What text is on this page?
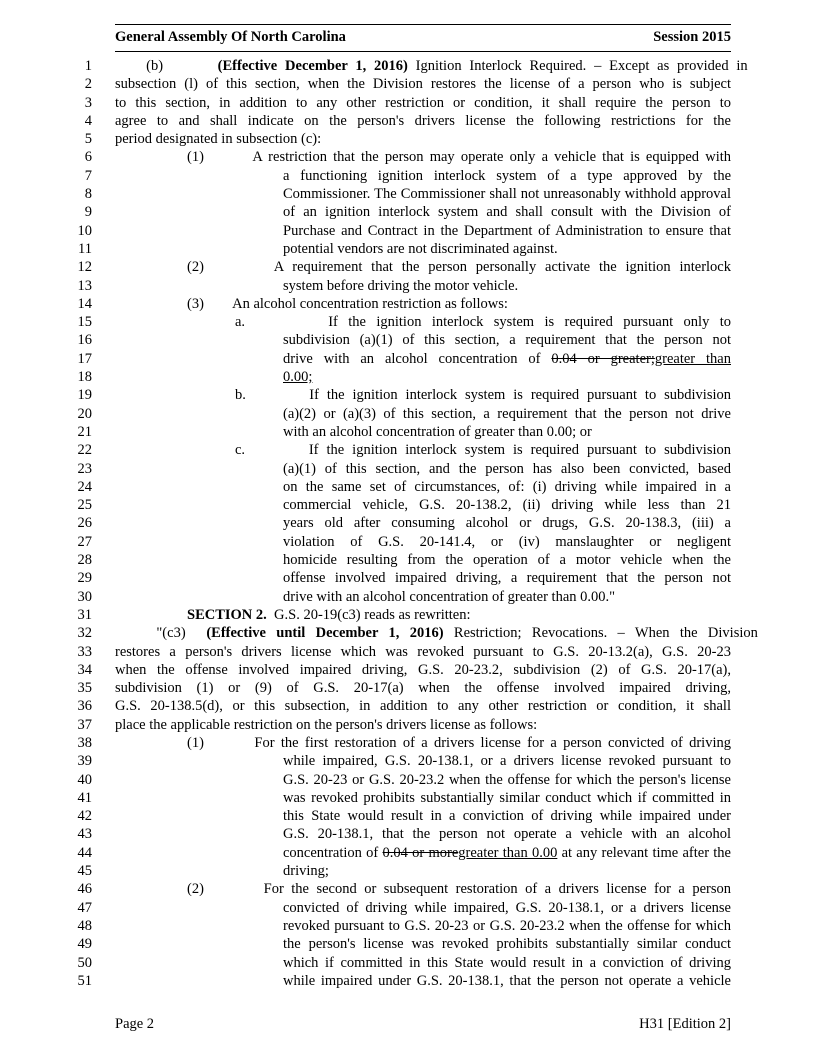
General Assembly Of North Carolina	Session 2015
1 (b)       (Effective December 1, 2016) Ignition Interlock Required. – Except as provided in
2 subsection (l) of this section, when the Division restores the license of a person who is subject
3 to this section, in addition to any other restriction or condition, it shall require the person to
4 agree to and shall indicate on the person's drivers license the following restrictions for the
5 period designated in subsection (c):
6	(1)        A restriction that the person may operate only a vehicle that is equipped with
7	a functioning ignition interlock system of a type approved by the
8	Commissioner. The Commissioner shall not unreasonably withhold approval
9	of an ignition interlock system and shall consult with the Division of
10	Purchase and Contract in the Department of Administration to ensure that
11	potential vendors are not discriminated against.
12	(2)        A requirement that the person personally activate the ignition interlock
13	system before driving the motor vehicle.
14	(3)        An alcohol concentration restriction as follows:
15	a.        If the ignition interlock system is required pursuant only to
16	subdivision (a)(1) of this section, a requirement that the person not
17	drive with an alcohol concentration of 0.04 or greater;greater than
18	0.00;
19	b.        If the ignition interlock system is required pursuant to subdivision
20	(a)(2) or (a)(3) of this section, a requirement that the person not drive
21	with an alcohol concentration of greater than 0.00; or
22	c.        If the ignition interlock system is required pursuant to subdivision
23	(a)(1) of this section, and the person has also been convicted, based
24	on the same set of circumstances, of: (i) driving while impaired in a
25	commercial vehicle, G.S. 20-138.2, (ii) driving while less than 21
26	years old after consuming alcohol or drugs, G.S. 20-138.3, (iii) a
27	violation of G.S. 20-141.4, or (iv) manslaughter or negligent
28	homicide resulting from the operation of a motor vehicle when the
29	offense involved impaired driving, a requirement that the person not
30	drive with an alcohol concentration of greater than 0.00."
31	SECTION 2.  G.S. 20-19(c3) reads as rewritten:
32 "(c3)  (Effective until December 1, 2016) Restriction; Revocations. – When the Division
33 restores a person's drivers license which was revoked pursuant to G.S. 20-13.2(a), G.S. 20-23
34 when the offense involved impaired driving, G.S. 20-23.2, subdivision (2) of G.S. 20-17(a),
35 subdivision (1) or (9) of G.S. 20-17(a) when the offense involved impaired driving,
36 G.S. 20-138.5(d), or this subsection, in addition to any other restriction or condition, it shall
37 place the applicable restriction on the person's drivers license as follows:
38	(1)        For the first restoration of a drivers license for a person convicted of driving
39	while impaired, G.S. 20-138.1, or a drivers license revoked pursuant to
40	G.S. 20-23 or G.S. 20-23.2 when the offense for which the person's license
41	was revoked prohibits substantially similar conduct which if committed in
42	this State would result in a conviction of driving while impaired under
43	G.S. 20-138.1, that the person not operate a vehicle with an alcohol
44	concentration of 0.04 or moregreater than 0.00 at any relevant time after the
45	driving;
46	(2)        For the second or subsequent restoration of a drivers license for a person
47	convicted of driving while impaired, G.S. 20-138.1, or a drivers license
48	revoked pursuant to G.S. 20-23 or G.S. 20-23.2 when the offense for which
49	the person's license was revoked prohibits substantially similar conduct
50	which if committed in this State would result in a conviction of driving
51	while impaired under G.S. 20-138.1, that the person not operate a vehicle
Page 2	H31 [Edition 2]
